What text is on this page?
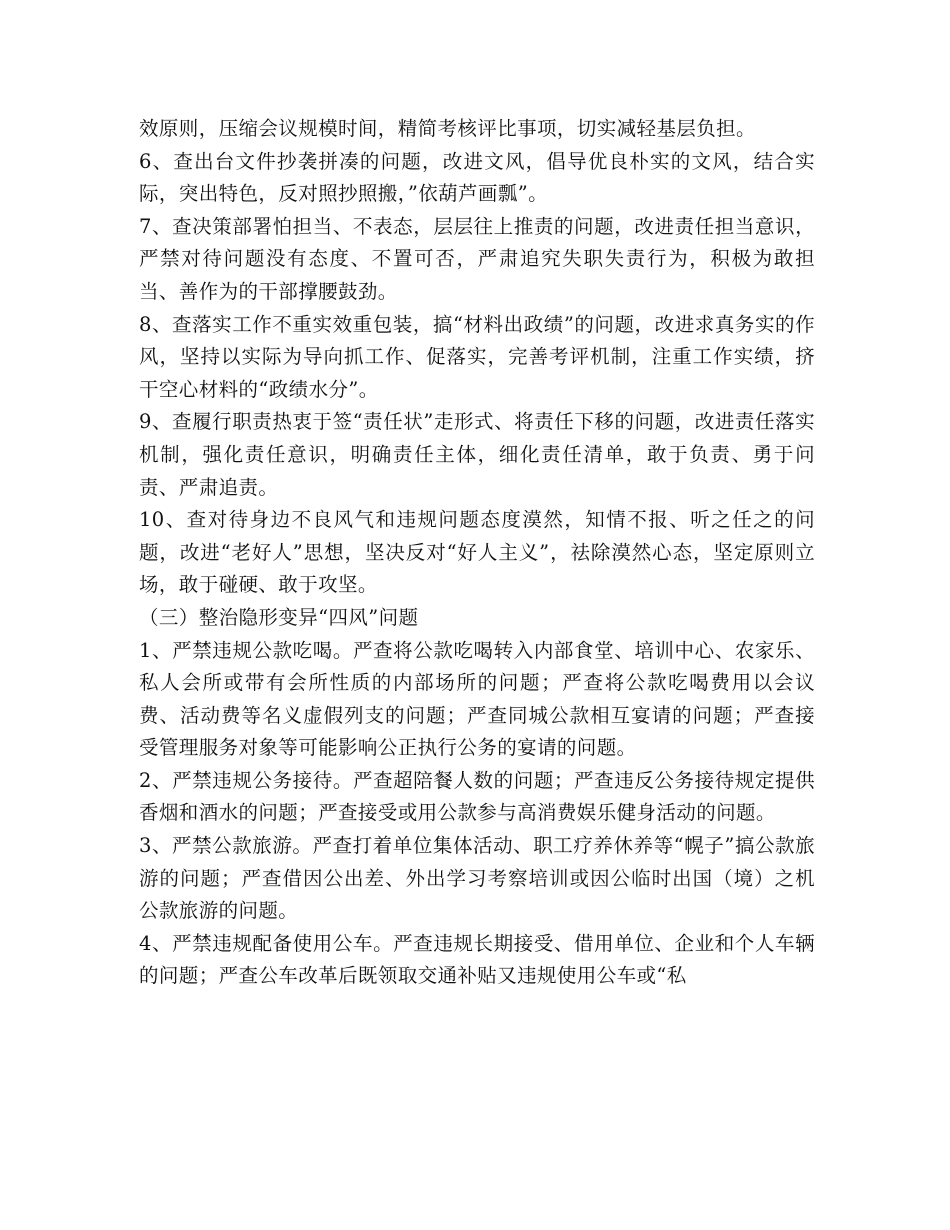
效原则，压缩会议规模时间，精简考核评比事项，切实减轻基层负担。

6、查出台文件抄袭拼凑的问题，改进文风，倡导优良朴实的文风，结合实际，突出特色，反对照抄照搬，”依葫芦画瓢”。

7、查决策部署怕担当、不表态，层层往上推责的问题，改进责任担当意识，严禁对待问题没有态度、不置可否，严肃追究失职失责行为，积极为敢担当、善作为的干部撑腰鼓劲。

8、查落实工作不重实效重包装，搞“材料出政绩”的问题，改进求真务实的作风，坚持以实际为导向抓工作、促落实，完善考评机制，注重工作实绩，挤干空心材料的“政绩水分”。

9、查履行职责热衷于签“责任状”走形式、将责任下移的问题，改进责任落实机制，强化责任意识，明确责任主体，细化责任清单，敢于负责、勇于问责、严肃追责。

10、查对待身边不良风气和违规问题态度漠然，知情不报、听之任之的问题，改进“老好人”思想，坚决反对“好人主义”，祛除漠然心态，坚定原则立场，敢于碰硬、敢于攻坚。

（三）整治隐形变异“四风”问题

1、严禁违规公款吃喝。严查将公款吃喝转入内部食堂、培训中心、农家乐、私人会所或带有会所性质的内部场所的问题；严查将公款吃喝费用以会议费、活动费等名义虚假列支的问题；严查同城公款相互宴请的问题；严查接受管理服务对象等可能影响公正执行公务的宴请的问题。

2、严禁违规公务接待。严查超陪餐人数的问题；严查违反公务接待规定提供香烟和酒水的问题；严查接受或用公款参与高消费娱乐健身活动的问题。

3、严禁公款旅游。严查打着单位集体活动、职工疗养休养等“幌子”搞公款旅游的问题；严查借因公出差、外出学习考察培训或因公临时出国（境）之机公款旅游的问题。

4、严禁违规配备使用公车。严查违规长期接受、借用单位、企业和个人车辆的问题；严查公车改革后既领取交通补贴又违规使用公车或“私
